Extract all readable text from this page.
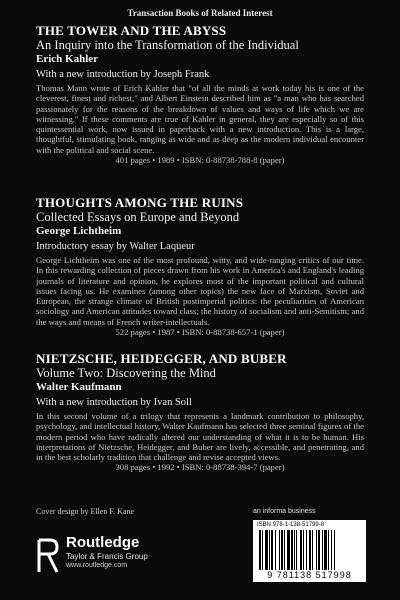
Transaction Books of Related Interest

THE TOWER AND THE ABYSS

An Inquiry into the Transformation of the Individual

Erich Kahler

With a new introduction by Joseph Frank

Thomas Mann wrote of Erich Kahler that "of all the minds at work today his is one of the cleverest, finest and richest," and Albert Einstein described him as "a man who has searched passionately for the reasons of the breakdown of values and ways of life which we are witnessing." If these comments are true of Kahler in general, they are especially so of this quintessential work, now issued in paperback with a new introduction. This is a large, thoughtful, stimulating book, ranging as wide and as deep as the modern individual encounter with the political and social scene.

401 pages • 1989 • ISBN: 0-88738-788-8 (paper)

THOUGHTS AMONG THE RUINS

Collected Essays on Europe and Beyond

George Lichtheim

Introductory essay by Walter Laqueur

George Lichtheim was one of the most profound, witty, and wide-ranging critics of our time. In this rewarding collection of pieces drawn from his work in America's and England's leading journals of literature and opinion, he explores most of the important political and cultural issues facing us. He examines (among other topics) the new face of Marxism, Soviet and European, the strange climate of British postimperial politics: the peculiarities of American sociology and American attitudes toward class; the history of socialism and anti-Semitism; and the ways and means of French writer-intellectuals.

522 pages • 1987 • ISBN: 0-88738-657-1 (paper)

NIETZSCHE, HEIDEGGER, AND BUBER

Volume Two: Discovering the Mind

Walter Kaufmann

With a new introduction by Ivan Soll

In this second volume of a trilogy that represents a landmark contribution to philosophy, psychology, and intellectual history, Walter Kaufmann has selected three seminal figures of the modern period who have radically altered our understanding of what it is to be human. His interpretations of Nietzsche, Heidegger, and Buber are lively, accessible, and penetrating, and in the best scholarly tradition that challenge and revise accepted views.

308 pages • 1992 • ISBN: 0-88738-394-7 (paper)

Cover design by Ellen F. Kane
Routledge
Taylor & Francis Group
www.routledge.com
an informa business
ISBN 978-1-138-51799-8
9 781138 517998
